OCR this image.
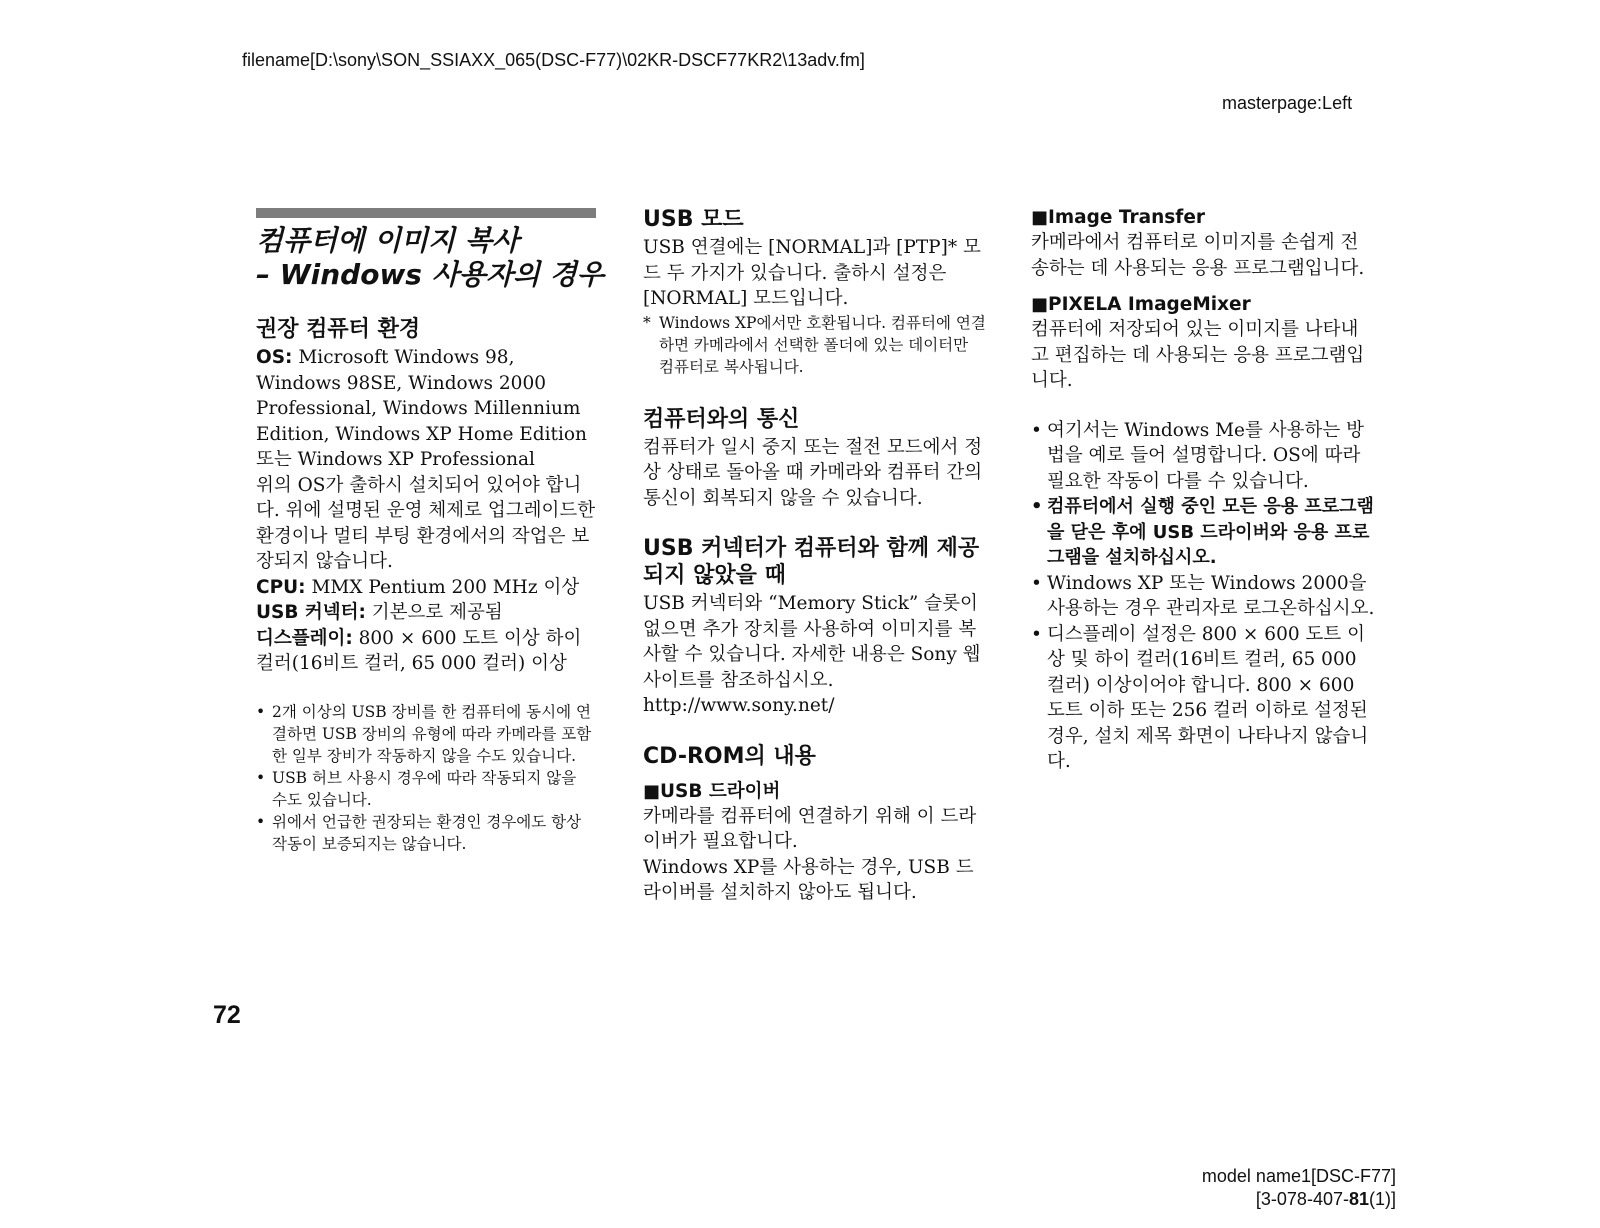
filename[D:\sony\SON_SSIAXX_065(DSC-F77)\02KR-DSCF77KR2\13adv.fm]
masterpage:Left
컴퓨터에 이미지 복사
– Windows 사용자의 경우
권장 컴퓨터 환경
OS: Microsoft Windows 98, Windows 98SE, Windows 2000 Professional, Windows Millennium Edition, Windows XP Home Edition 또는 Windows XP Professional
위의 OS가 출하시 설치되어 있어야 합니다. 위에 설명된 운영 체제로 업그레이드한 환경이나 멀티 부팅 환경에서의 작업은 보장되지 않습니다.
CPU: MMX Pentium 200 MHz 이상
USB 커넥터: 기본으로 제공됨
디스플레이: 800 × 600 도트 이상 하이 컬러(16비트 컬러, 65 000 컬러) 이상
• 2개 이상의 USB 장비를 한 컴퓨터에 동시에 연결하면 USB 장비의 유형에 따라 카메라를 포함한 일부 장비가 작동하지 않을 수도 있습니다.
• USB 허브 사용시 경우에 따라 작동되지 않을 수도 있습니다.
• 위에서 언급한 권장되는 환경인 경우에도 항상 작동이 보증되지는 않습니다.
USB 모드
USB 연결에는 [NORMAL]과 [PTP]* 모드 두 가지가 있습니다. 출하시 설정은 [NORMAL] 모드입니다.
* Windows XP에서만 호환됩니다. 컴퓨터에 연결하면 카메라에서 선택한 폴더에 있는 데이터만 컴퓨터로 복사됩니다.
컴퓨터와의 통신
컴퓨터가 일시 중지 또는 절전 모드에서 정상 상태로 돌아올 때 카메라와 컴퓨터 간의 통신이 회복되지 않을 수 있습니다.
USB 커넥터가 컴퓨터와 함께 제공되지 않았을 때
USB 커넥터와 “Memory Stick” 슬롯이 없으면 추가 장치를 사용하여 이미지를 복사할 수 있습니다. 자세한 내용은 Sony 웹사이트를 참조하십시오.
http://www.sony.net/
CD-ROM의 내용
■USB 드라이버
카메라를 컴퓨터에 연결하기 위해 이 드라이버가 필요합니다.
Windows XP를 사용하는 경우, USB 드라이버를 설치하지 않아도 됩니다.
■Image Transfer
카메라에서 컴퓨터로 이미지를 손쉽게 전송하는 데 사용되는 응용 프로그램입니다.
■PIXELA ImageMixer
컴퓨터에 저장되어 있는 이미지를 나타내고 편집하는 데 사용되는 응용 프로그램입니다.
• 여기서는 Windows Me를 사용하는 방법을 예로 들어 설명합니다. OS에 따라 필요한 작동이 다를 수 있습니다.
• 컴퓨터에서 실행 중인 모든 응용 프로그램을 닫은 후에 USB 드라이버와 응용 프로그램을 설치하십시오.
• Windows XP 또는 Windows 2000을 사용하는 경우 관리자로 로그온하십시오.
• 디스플레이 설정은 800 × 600 도트 이상 및 하이 컬러(16비트 컬러, 65 000 컬러) 이상이어야 합니다. 800 × 600 도트 이하 또는 256 컬러 이하로 설정된 경우, 설치 제목 화면이 나타나지 않습니다.
72
model name1[DSC-F77]
[3-078-407-81(1)]
